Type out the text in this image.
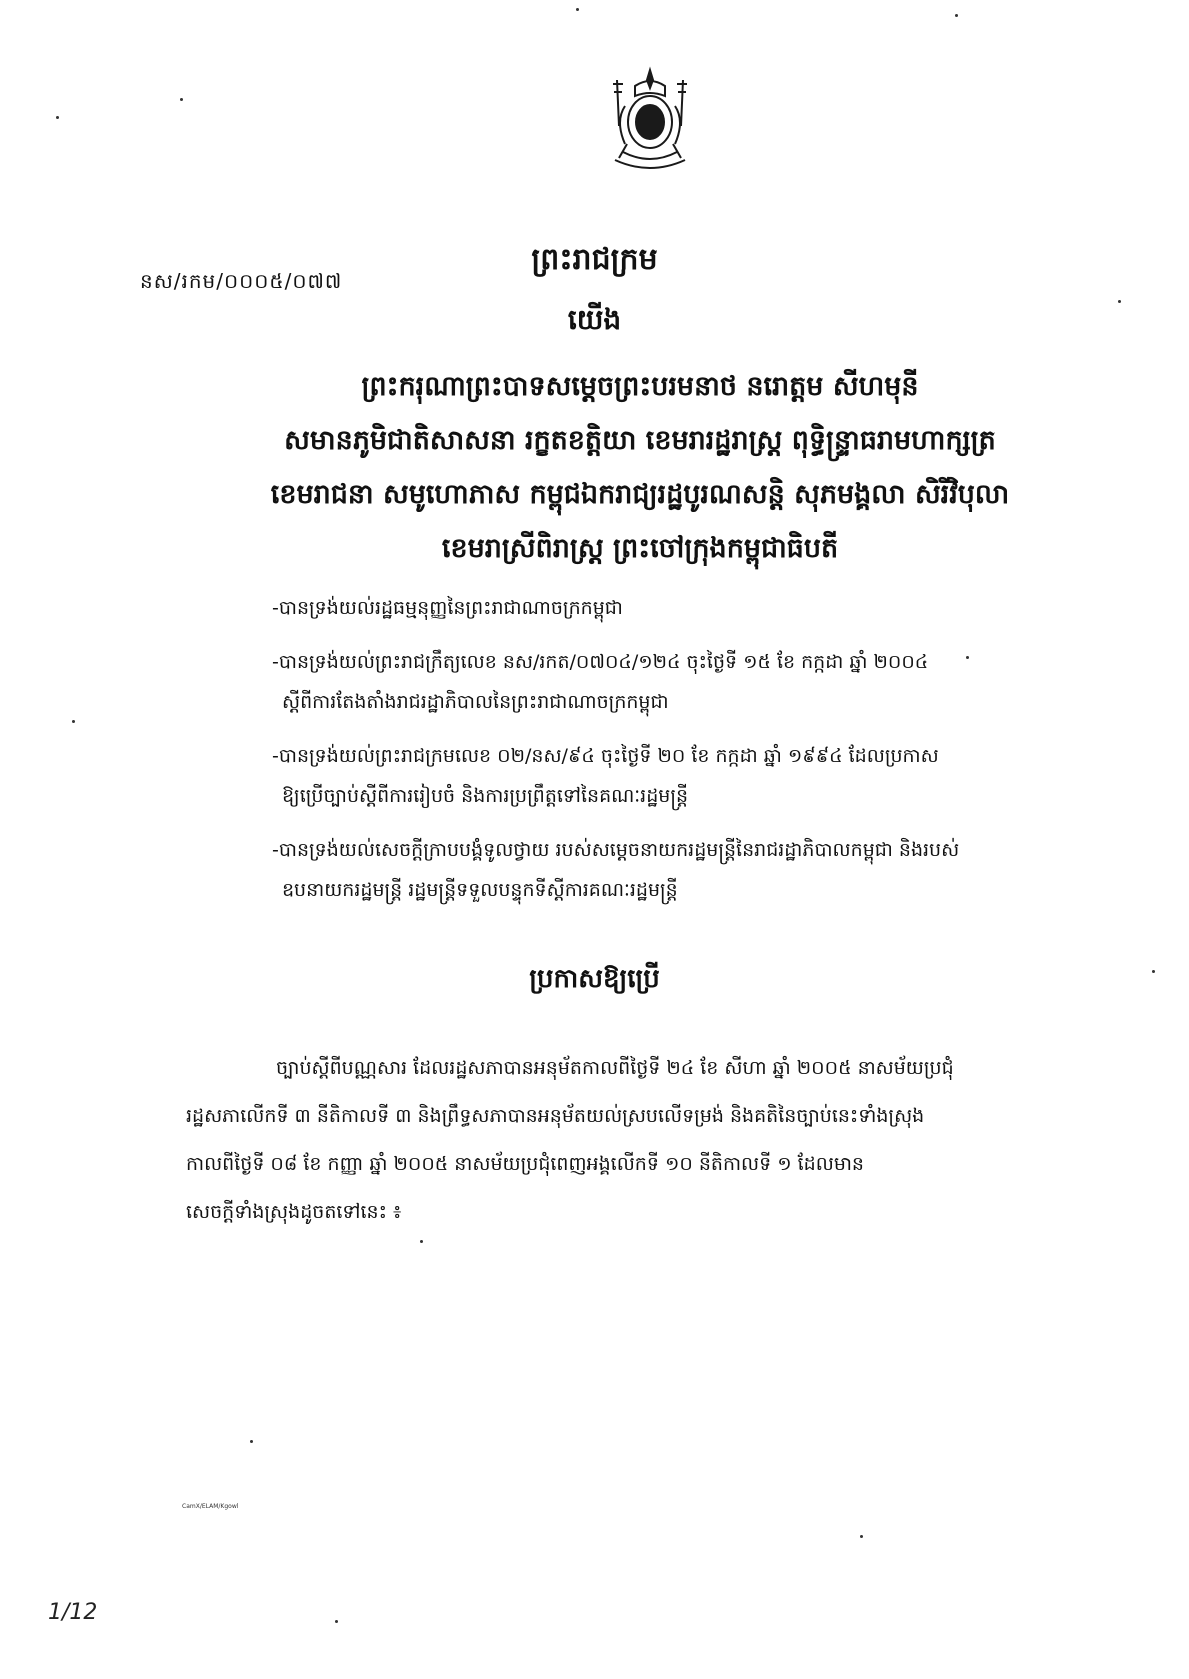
នស/រកម/០០០៥/០៧៧
ព្រះរាជក្រម
យើង
ព្រះករុណាព្រះបាទសម្ដេចព្រះបរមនាថ នរោត្ដម សីហមុនី
សមានភូមិជាតិសាសនា រក្ខតខត្តិយា ខេមរារដ្ឋរាស្ត្រ ពុទ្ធិន្ទ្រាធរាមហាក្សត្រ
ខេមរាជនា សមូហោភាស កម្ពុជឯករាជ្យរដ្ឋបូរណសន្ដិ សុភមង្គលា សិរីវិបុលា
ខេមរាស្រីពិរាស្ដ្រ ព្រះចៅក្រុងកម្ពុជាធិបតី
-បានទ្រង់យល់រដ្ឋធម្មនុញ្ញនៃព្រះរាជាណាចក្រកម្ពុជា
-បានទ្រង់យល់ព្រះរាជក្រឹត្យលេខ នស/រកត/០៧០៤/១២៤ ចុះថ្ងៃទី ១៥ ខែ កក្កដា ឆ្នាំ ២០០៤
ស្ដីពីការតែងតាំងរាជរដ្ឋាភិបាលនៃព្រះរាជាណាចក្រកម្ពុជា
-បានទ្រង់យល់ព្រះរាជក្រមលេខ ០២/នស/៩៤ ចុះថ្ងៃទី ២០ ខែ កក្កដា ឆ្នាំ ១៩៩៤ ដែលប្រកាស
ឱ្យប្រើច្បាប់ស្ដីពីការរៀបចំ និងការប្រព្រឹត្តទៅនៃគណៈរដ្ឋមន្ត្រី
-បានទ្រង់យល់សេចក្ដីក្រាបបង្គំទូលថ្វាយ របស់សម្ដេចនាយករដ្ឋមន្ត្រីនៃរាជរដ្ឋាភិបាលកម្ពុជា និងរបស់
ឧបនាយករដ្ឋមន្ត្រី រដ្ឋមន្ត្រីទទួលបន្ទុកទីស្ដីការគណៈរដ្ឋមន្ត្រី
ប្រកាសឱ្យប្រើ
ច្បាប់ស្ដីពីបណ្ណសារ ដែលរដ្ឋសភាបានអនុម័តកាលពីថ្ងៃទី ២៤ ខែ សីហា ឆ្នាំ ២០០៥ នាសម័យប្រជុំ
រដ្ឋសភាលើកទី ៣ នីតិកាលទី ៣ និងព្រឹទ្ធសភាបានអនុម័តយល់ស្របលើទម្រង់ និងគតិនៃច្បាប់នេះទាំងស្រុង
កាលពីថ្ងៃទី ០៨ ខែ កញ្ញា ឆ្នាំ ២០០៥ នាសម័យប្រជុំពេញអង្គលើកទី ១០ នីតិកាលទី ១ ដែលមាន
សេចក្ដីទាំងស្រុងដូចតទៅនេះ ៖
CamX/ELAM/Kgowl
1/12
